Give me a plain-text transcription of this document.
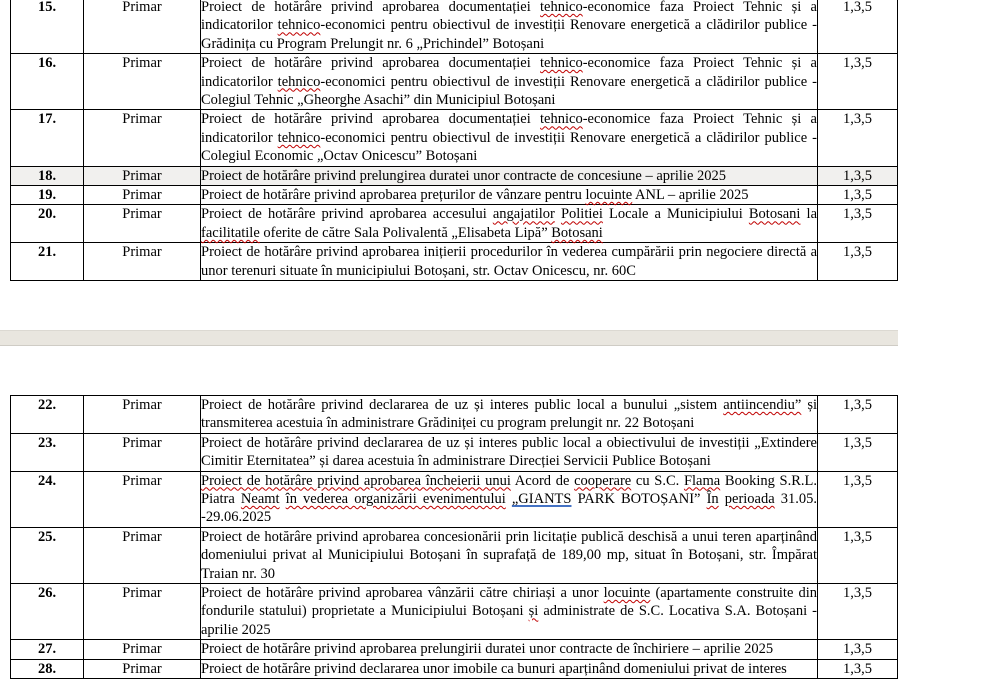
15.	Primar	Proiect de hotărâre privind aprobarea documentației tehnico-economice faza Proiect Tehnic și a indicatorilor tehnico-economici pentru obiectivul de investiții Renovare energetică a clădirilor publice - Grădinița cu Program Prelungit nr. 6 „Prichindel” Botoșani	1,3,5
16.	Primar	Proiect de hotărâre privind aprobarea documentației tehnico-economice faza Proiect Tehnic și a indicatorilor tehnico-economici pentru obiectivul de investiții Renovare energetică a clădirilor publice - Colegiul Tehnic „Gheorghe Asachi” din Municipiul Botoșani	1,3,5
17.	Primar	Proiect de hotărâre privind aprobarea documentației tehnico-economice faza Proiect Tehnic și a indicatorilor tehnico-economici pentru obiectivul de investiții Renovare energetică a clădirilor publice - Colegiul Economic „Octav Onicescu” Botoșani	1,3,5
18.	Primar	Proiect de hotărâre privind prelungirea duratei unor contracte de concesiune – aprilie 2025	1,3,5
19.	Primar	Proiect de hotărâre privind aprobarea prețurilor de vânzare pentru locuinte ANL – aprilie 2025	1,3,5
20.	Primar	Proiect de hotărâre privind aprobarea accesului angajatilor Politiei Locale a Municipiului Botosani la facilitatile oferite de către Sala Polivalentă „Elisabeta Lipă” Botosani	1,3,5
21.	Primar	Proiect de hotărâre privind aprobarea inițierii procedurilor în vederea cumpărării prin negociere directă a unor terenuri situate în municipiului Botoșani, str. Octav Onicescu, nr. 60C	1,3,5
22.	Primar	Proiect de hotărâre privind declararea de uz și interes public local a bunului „sistem antiincendiu” și transmiterea acestuia în administrare Grădiniței cu program prelungit nr. 22 Botoșani	1,3,5
23.	Primar	Proiect de hotărâre privind declararea de uz și interes public local a obiectivului de investiții „Extindere Cimitir Eternitatea” și darea acestuia în administrare Direcției Servicii Publice Botoșani	1,3,5
24.	Primar	Proiect de hotărâre privind aprobarea încheierii unui Acord de cooperare cu S.C. Flama Booking S.R.L. Piatra Neamt în vederea organizării evenimentului „GIANTS PARK BOTOȘANI” În perioada 31.05. -29.06.2025	1,3,5
25.	Primar	Proiect de hotărâre privind aprobarea concesionării prin licitație publică deschisă a unui teren aparținând domeniului privat al Municipiului Botoșani în suprafață de 189,00 mp, situat în Botoșani, str. Împărat Traian nr. 30	1,3,5
26.	Primar	Proiect de hotărâre privind aprobarea vânzării către chiriași a unor locuinte (apartamente construite din fondurile statului) proprietate a Municipiului Botoșani și administrate de S.C. Locativa S.A. Botoșani - aprilie 2025	1,3,5
27.	Primar	Proiect de hotărâre privind aprobarea prelungirii duratei unor contracte de închiriere – aprilie 2025	1,3,5
28.	Primar	Proiect de hotărâre privind declararea unor imobile ca bunuri aparținând domeniului privat de interes	1,3,5
